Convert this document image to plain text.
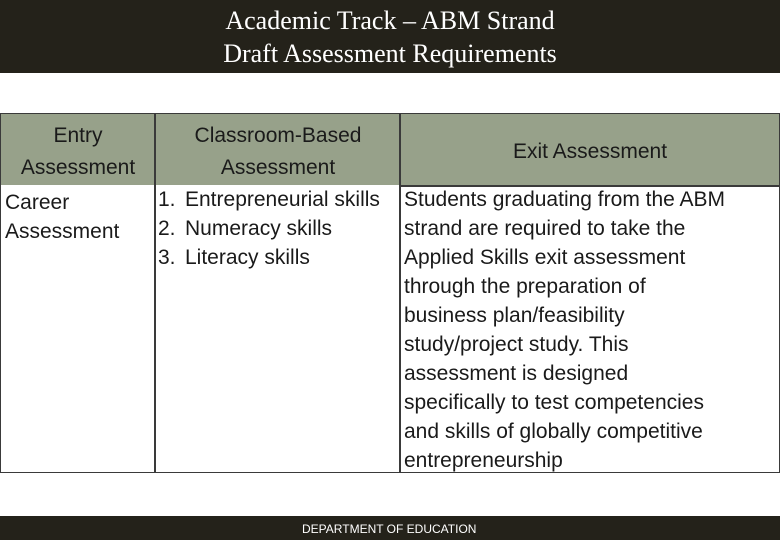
Academic Track – ABM Strand
Draft Assessment Requirements
Entry
Assessment
Classroom-Based
Assessment
Exit Assessment
Career
Assessment
1. Entrepreneurial skills
2. Numeracy skills
3. Literacy skills
Students graduating from the ABM
strand are required to take the
Applied Skills exit assessment
through the preparation of
business plan/feasibility
study/project study. This
assessment is designed
specifically to test competencies
and skills of globally competitive
entrepreneurship
DEPARTMENT OF EDUCATION
